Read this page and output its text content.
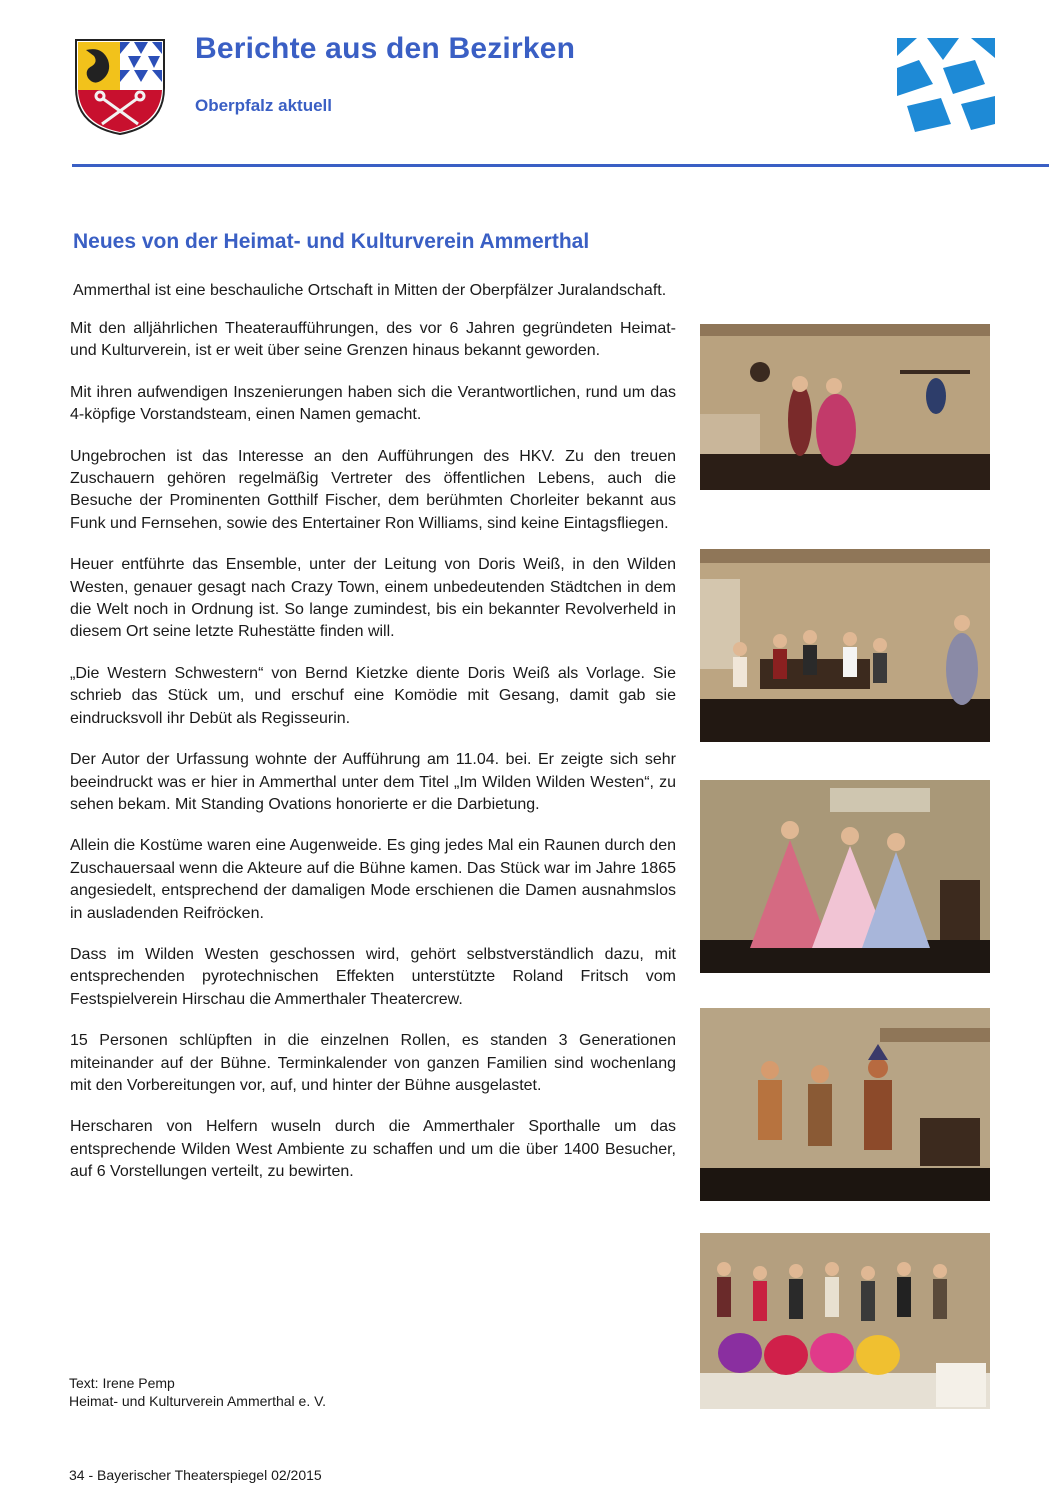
Berichte aus den Bezirken
Oberpfalz aktuell
Neues von der Heimat- und Kulturverein Ammerthal

Ammerthal ist eine beschauliche Ortschaft in Mitten der Oberpfälzer Juralandschaft.

Mit den alljährlichen Theateraufführungen, des vor 6 Jahren gegründeten Heimat- und Kulturverein, ist er weit über seine Grenzen hinaus bekannt geworden.

Mit ihren aufwendigen Inszenierungen haben sich die Verantwortlichen, rund um das 4-köpfige Vorstandsteam, einen Namen gemacht.

Ungebrochen ist das Interesse an den Aufführungen des HKV. Zu den treuen Zuschauern gehören regelmäßig Vertreter des öffentlichen Lebens, auch die Besuche der Prominenten Gotthilf Fischer, dem berühmten Chorleiter bekannt aus Funk und Fernsehen, sowie des Entertainer Ron Williams, sind keine Eintagsfliegen.

Heuer entführte das Ensemble, unter der Leitung von Doris Weiß, in den Wilden Westen, genauer gesagt nach Crazy Town, einem unbedeutenden Städtchen in dem die Welt noch in Ordnung ist. So lange zumindest, bis ein bekannter Revolverheld in diesem Ort seine letzte Ruhestätte finden will.

„Die Western Schwestern“ von Bernd Kietzke diente Doris Weiß als Vorlage. Sie schrieb das Stück um, und erschuf eine Komödie mit Gesang, damit gab sie eindrucksvoll ihr Debüt als Regisseurin.

Der Autor der Urfassung wohnte der Aufführung am 11.04. bei. Er zeigte sich sehr beeindruckt was er hier in Ammerthal unter dem Titel „Im Wilden Wilden Westen“, zu sehen bekam. Mit Standing Ovations honorierte er die Darbietung.

Allein die Kostüme waren eine Augenweide. Es ging jedes Mal ein Raunen durch den Zuschauersaal wenn die Akteure auf die Bühne kamen. Das Stück war im Jahre 1865 angesiedelt, entsprechend der damaligen Mode erschienen die Damen ausnahmslos in ausladenden Reifröcken.

Dass im Wilden Westen geschossen wird, gehört selbstverständlich dazu, mit entsprechenden pyrotechnischen Effekten unterstützte Roland Fritsch vom Festspielverein Hirschau die Ammerthaler Theatercrew.

15 Personen schlüpften in die einzelnen Rollen, es standen 3 Generationen miteinander auf der Bühne. Terminkalender von ganzen Familien sind wochenlang mit den Vorbereitungen vor, auf, und hinter der Bühne ausgelastet.

Herscharen von Helfern wuseln durch die Ammerthaler Sporthalle um das entsprechende Wilden West Ambiente zu schaffen und um die über 1400 Besucher, auf 6 Vorstellungen verteilt, zu bewirten.

Text: Irene Pemp
Heimat- und Kulturverein Ammerthal e. V.
34 - Bayerischer Theaterspiegel 02/2015
